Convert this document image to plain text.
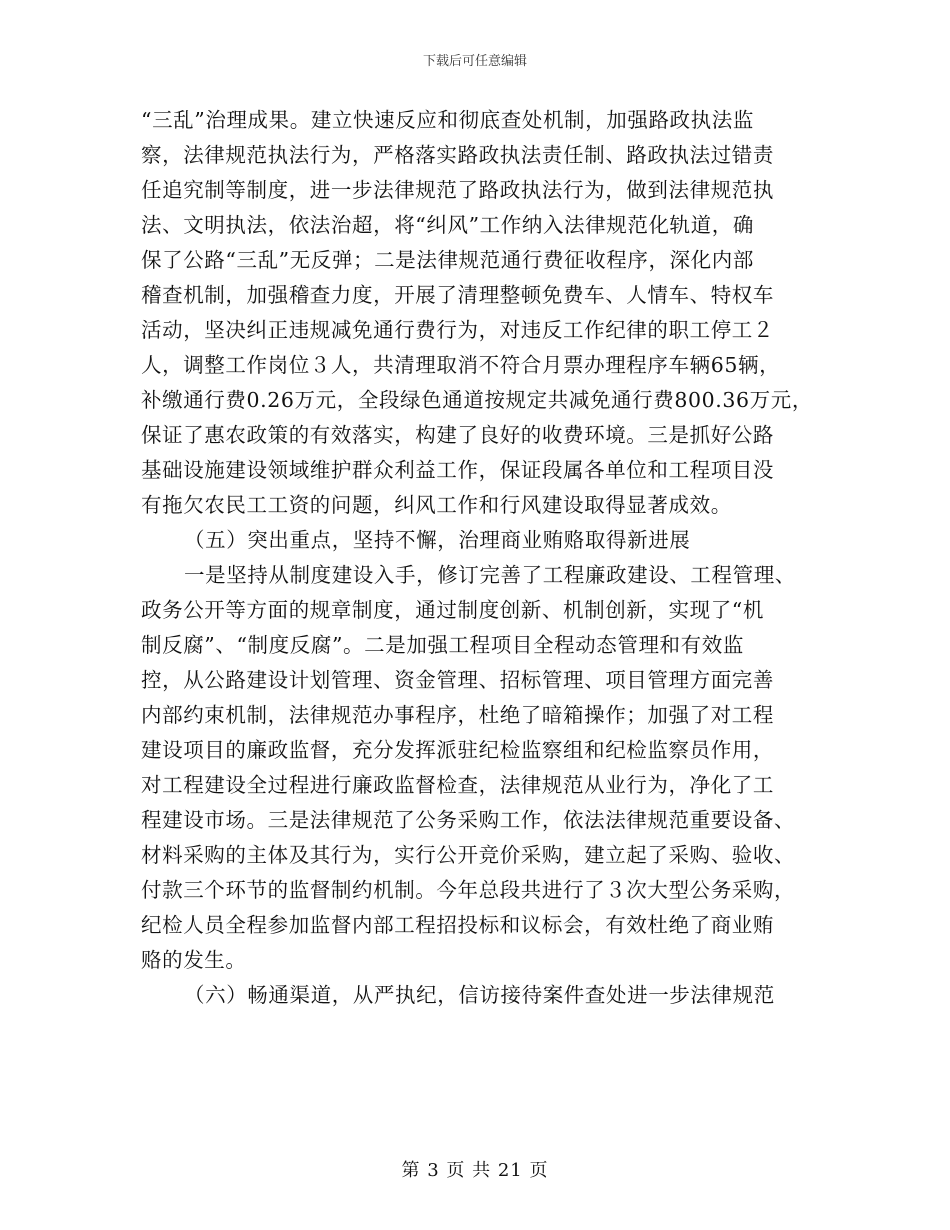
下载后可任意编辑
“三乱”治理成果。建立快速反应和彻底查处机制，加强路政执法监
察，法律规范执法行为，严格落实路政执法责任制、路政执法过错责
任追究制等制度，进一步法律规范了路政执法行为，做到法律规范执
法、文明执法，依法治超，将“纠风”工作纳入法律规范化轨道，确
保了公路“三乱”无反弹；二是法律规范通行费征收程序，深化内部
稽查机制，加强稽查力度，开展了清理整顿免费车、人情车、特权车
活动，坚决纠正违规减免通行费行为，对违反工作纪律的职工停工２
人，调整工作岗位３人，共清理取消不符合月票办理程序车辆65辆，
补缴通行费0.26万元，全段绿色通道按规定共减免通行费800.36万元，
保证了惠农政策的有效落实，构建了良好的收费环境。三是抓好公路
基础设施建设领域维护群众利益工作，保证段属各单位和工程项目没
有拖欠农民工工资的问题，纠风工作和行风建设取得显著成效。
（五）突出重点，坚持不懈，治理商业贿赂取得新进展
一是坚持从制度建设入手，修订完善了工程廉政建设、工程管理、
政务公开等方面的规章制度，通过制度创新、机制创新，实现了“机
制反腐”、“制度反腐”。二是加强工程项目全程动态管理和有效监
控，从公路建设计划管理、资金管理、招标管理、项目管理方面完善
内部约束机制，法律规范办事程序，杜绝了暗箱操作；加强了对工程
建设项目的廉政监督，充分发挥派驻纪检监察组和纪检监察员作用，
对工程建设全过程进行廉政监督检查，法律规范从业行为，净化了工
程建设市场。三是法律规范了公务采购工作，依法法律规范重要设备、
材料采购的主体及其行为，实行公开竞价采购，建立起了采购、验收、
付款三个环节的监督制约机制。今年总段共进行了３次大型公务采购，
纪检人员全程参加监督内部工程招投标和议标会，有效杜绝了商业贿
赂的发生。
（六）畅通渠道，从严执纪，信访接待案件查处进一步法律规范
第 3 页 共 21 页
